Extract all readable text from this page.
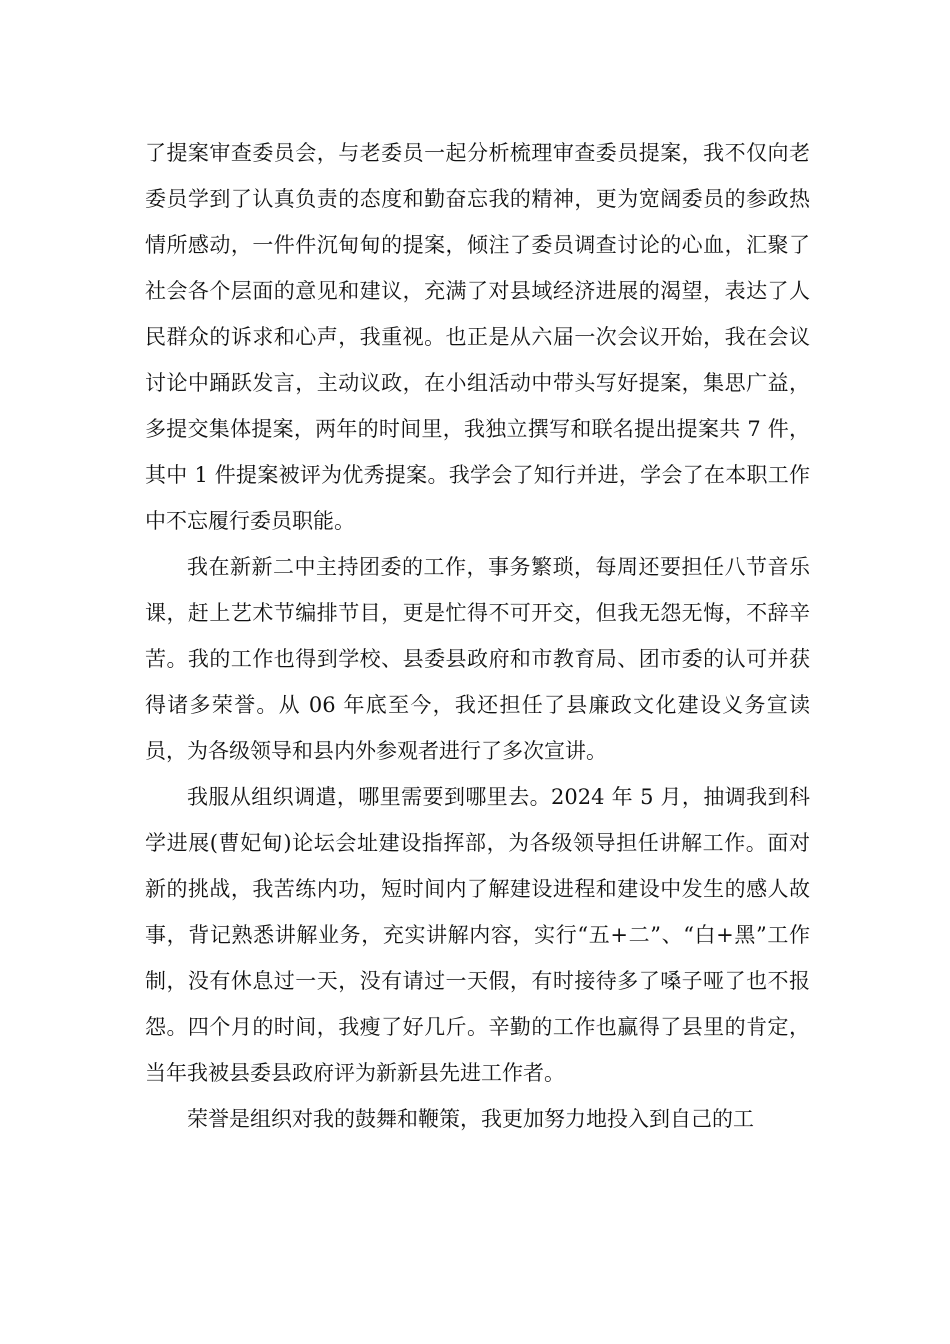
了提案审查委员会，与老委员一起分析梳理审查委员提案，我不仅向老委员学到了认真负责的态度和勤奋忘我的精神，更为宽阔委员的参政热情所感动，一件件沉甸甸的提案，倾注了委员调查讨论的心血，汇聚了社会各个层面的意见和建议，充满了对县域经济进展的渴望，表达了人民群众的诉求和心声，我重视。也正是从六届一次会议开始，我在会议讨论中踊跃发言，主动议政，在小组活动中带头写好提案，集思广益，多提交集体提案，两年的时间里，我独立撰写和联名提出提案共 7 件，其中 1 件提案被评为优秀提案。我学会了知行并进，学会了在本职工作中不忘履行委员职能。

我在新新二中主持团委的工作，事务繁琐，每周还要担任八节音乐课，赶上艺术节编排节目，更是忙得不可开交，但我无怨无悔，不辞辛苦。我的工作也得到学校、县委县政府和市教育局、团市委的认可并获得诸多荣誉。从 06 年底至今，我还担任了县廉政文化建设义务宣读员，为各级领导和县内外参观者进行了多次宣讲。

我服从组织调遣，哪里需要到哪里去。2024 年 5 月，抽调我到科学进展(曹妃甸)论坛会址建设指挥部，为各级领导担任讲解工作。面对新的挑战，我苦练内功，短时间内了解建设进程和建设中发生的感人故事，背记熟悉讲解业务，充实讲解内容，实行“五+二”、“白+黑”工作制，没有休息过一天，没有请过一天假，有时接待多了嗓子哑了也不报怨。四个月的时间，我瘦了好几斤。辛勤的工作也赢得了县里的肯定，当年我被县委县政府评为新新县先进工作者。

荣誉是组织对我的鼓舞和鞭策，我更加努力地投入到自己的工
